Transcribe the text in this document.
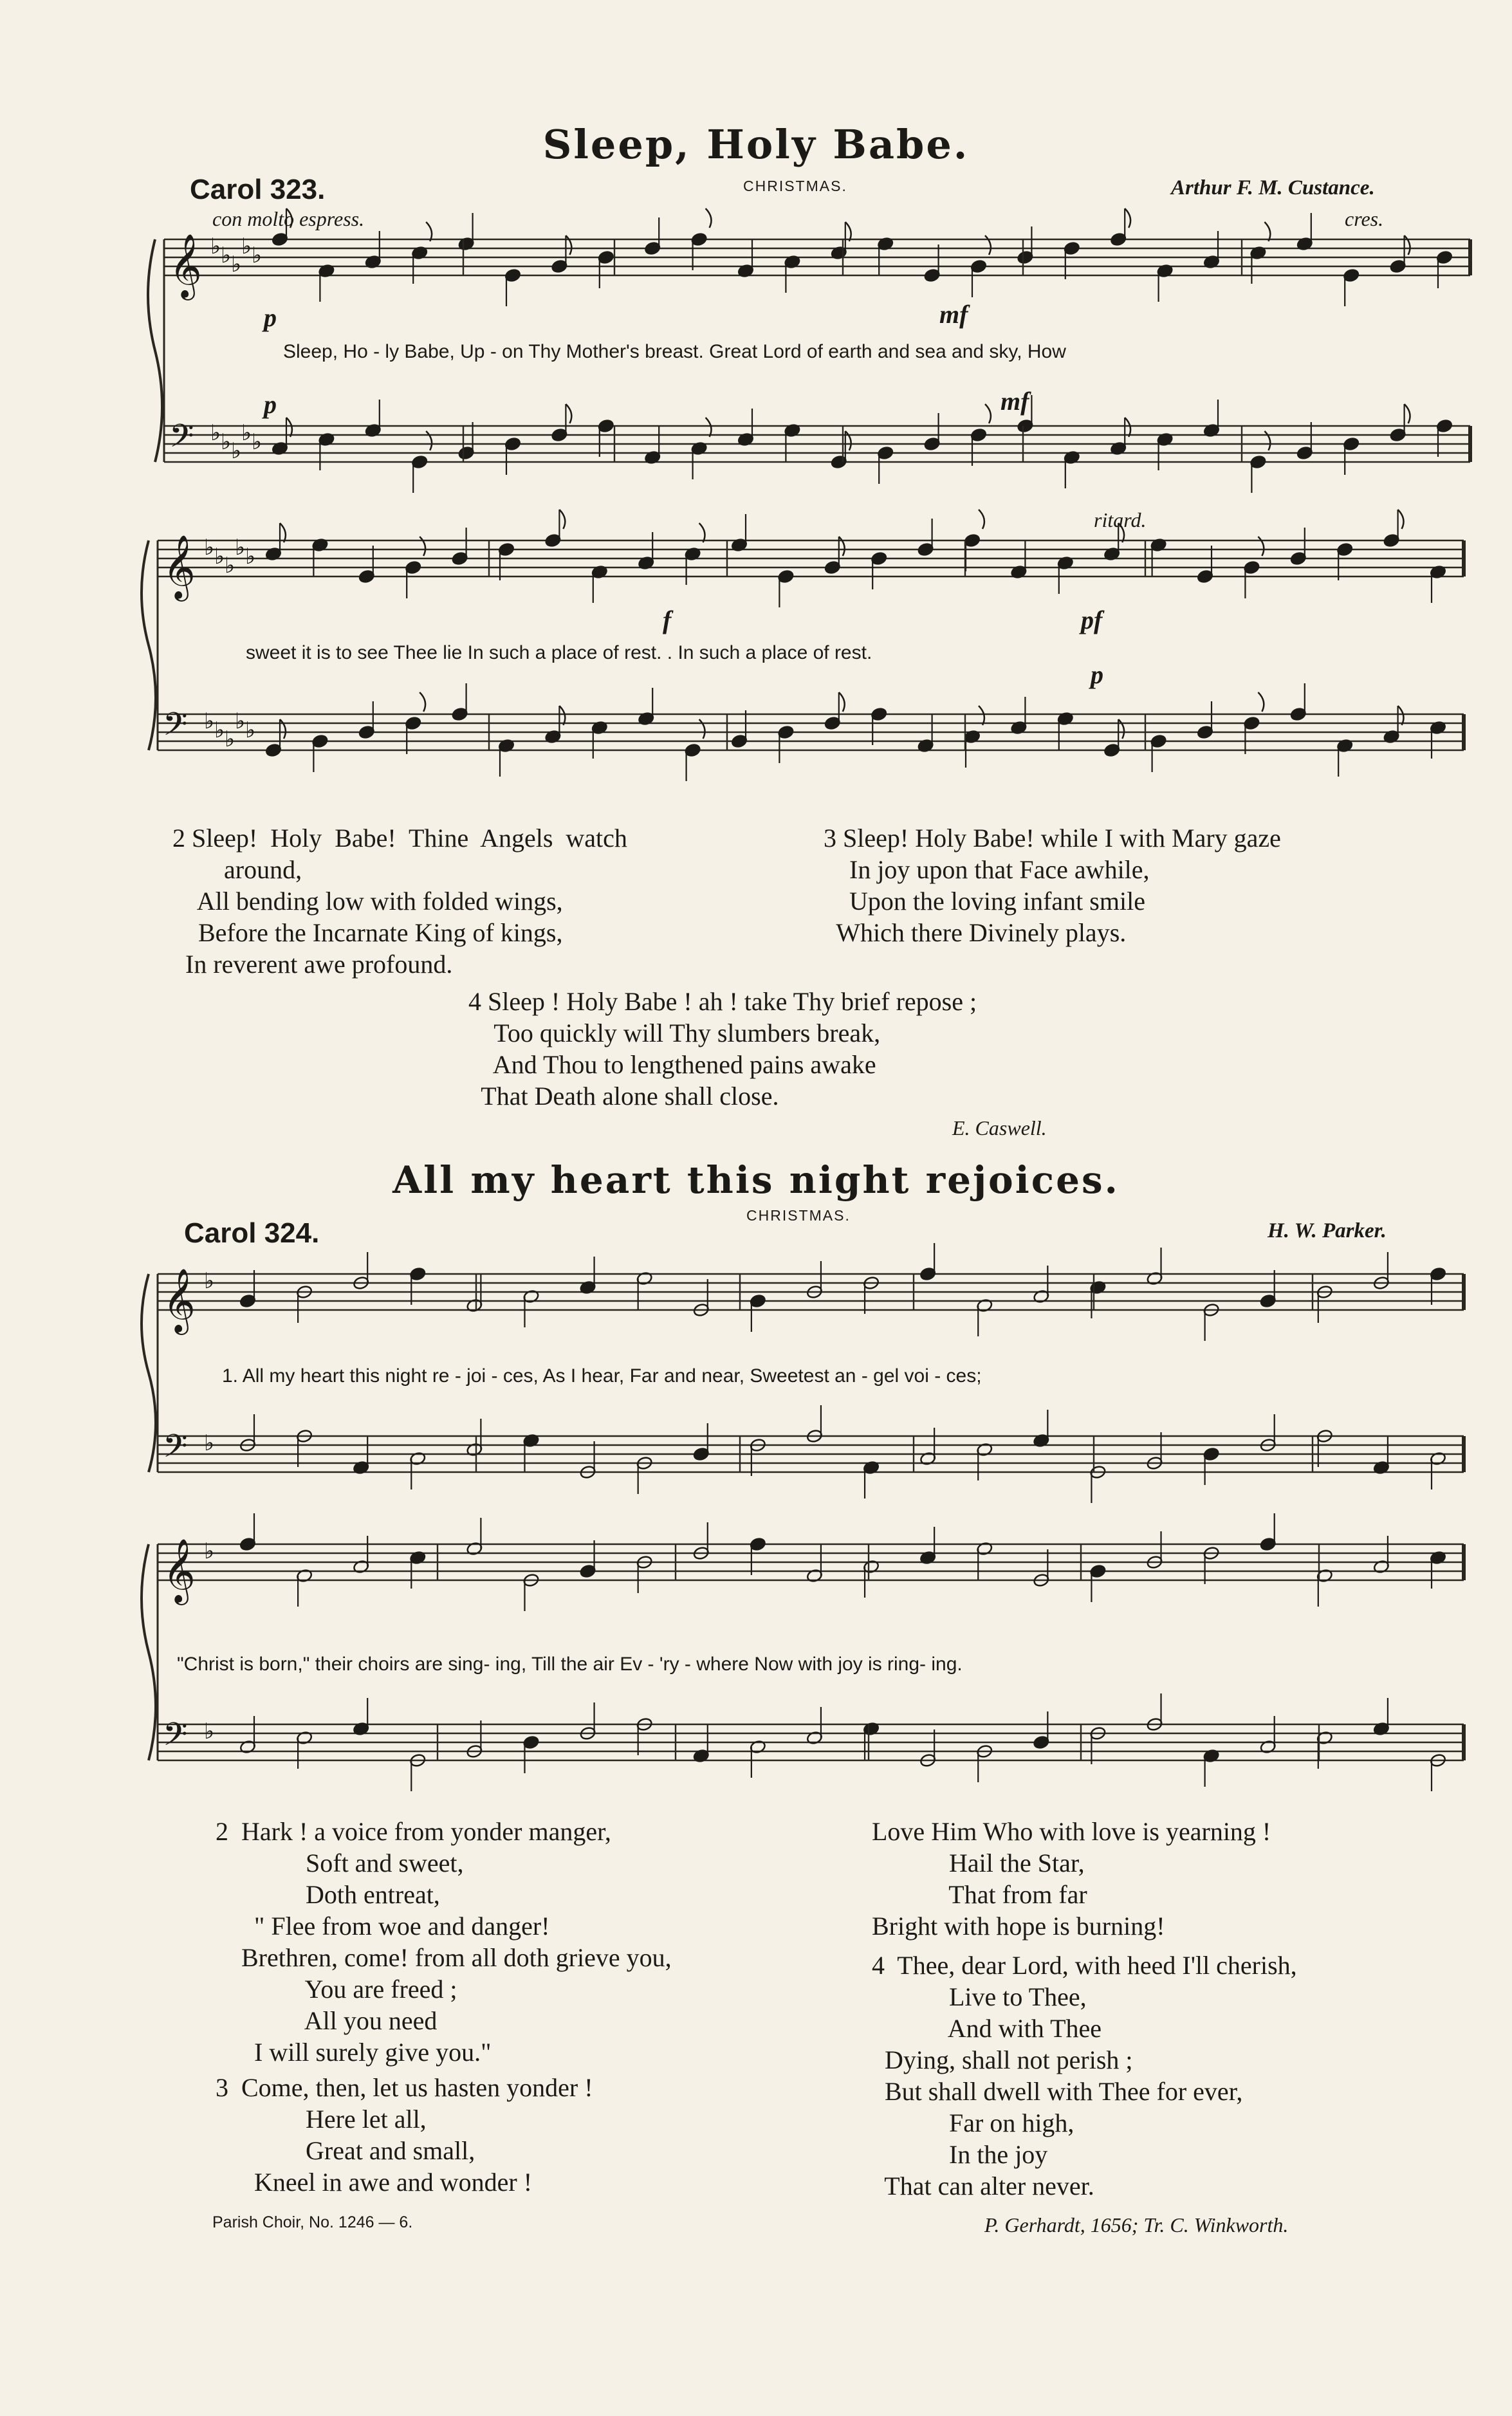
Sleep, Holy Babe.
Carol 323.	CHRISTMAS.	Arthur F. M. Custance.
con molto espress.	cres.
ritard.
p	mf
p	mf
f	pf
p
Sleep, Ho - ly Babe, Up - on Thy Mother's breast. Great Lord of earth and sea and sky, How
sweet it is to see Thee lie In such a place of rest. . In such a place of rest.
2 Sleep!  Holy  Babe!  Thine  Angels  watch
around,
All bending low with folded wings,
Before the Incarnate King of kings,
In reverent awe profound.
3 Sleep! Holy Babe! while I with Mary gaze
In joy upon that Face awhile,
Upon the loving infant smile
Which there Divinely plays.
4 Sleep ! Holy Babe ! ah ! take Thy brief repose ;
Too quickly will Thy slumbers break,
And Thou to lengthened pains awake
That Death alone shall close.
E. Caswell.
All my heart this night rejoices.
CHRISTMAS.
Carol 324.	H. W. Parker.
1. All my heart this night re - joi - ces, As I hear, Far and near, Sweetest an - gel voi - ces;
"Christ is born," their choirs are sing- ing, Till the air Ev - 'ry - where Now with joy is ring- ing.
2  Hark ! a voice from yonder manger,
Soft and sweet,
Doth entreat,
" Flee from woe and danger!
Brethren, come! from all doth grieve you,
You are freed ;
All you need
I will surely give you."
3  Come, then, let us hasten yonder !
Here let all,
Great and small,
Kneel in awe and wonder !
Love Him Who with love is yearning !
Hail the Star,
That from far
Bright with hope is burning!
4  Thee, dear Lord, with heed I'll cherish,
Live to Thee,
And with Thee
Dying, shall not perish ;
But shall dwell with Thee for ever,
Far on high,
In the joy
That can alter never.
Parish Choir, No. 1246 — 6.	P. Gerhardt, 1656; Tr. C. Winkworth.
𝄞 ♭ ♭ ♭
♭ ♭
𝄢 ♭ ♭ ♭
♭ ♭
𝄞 ♭ ♭ ♭
♭ ♭
𝄢 ♭ ♭ ♭
♭ ♭
𝄞 ♭
𝄢 ♭
𝄞 ♭
𝄢 ♭
